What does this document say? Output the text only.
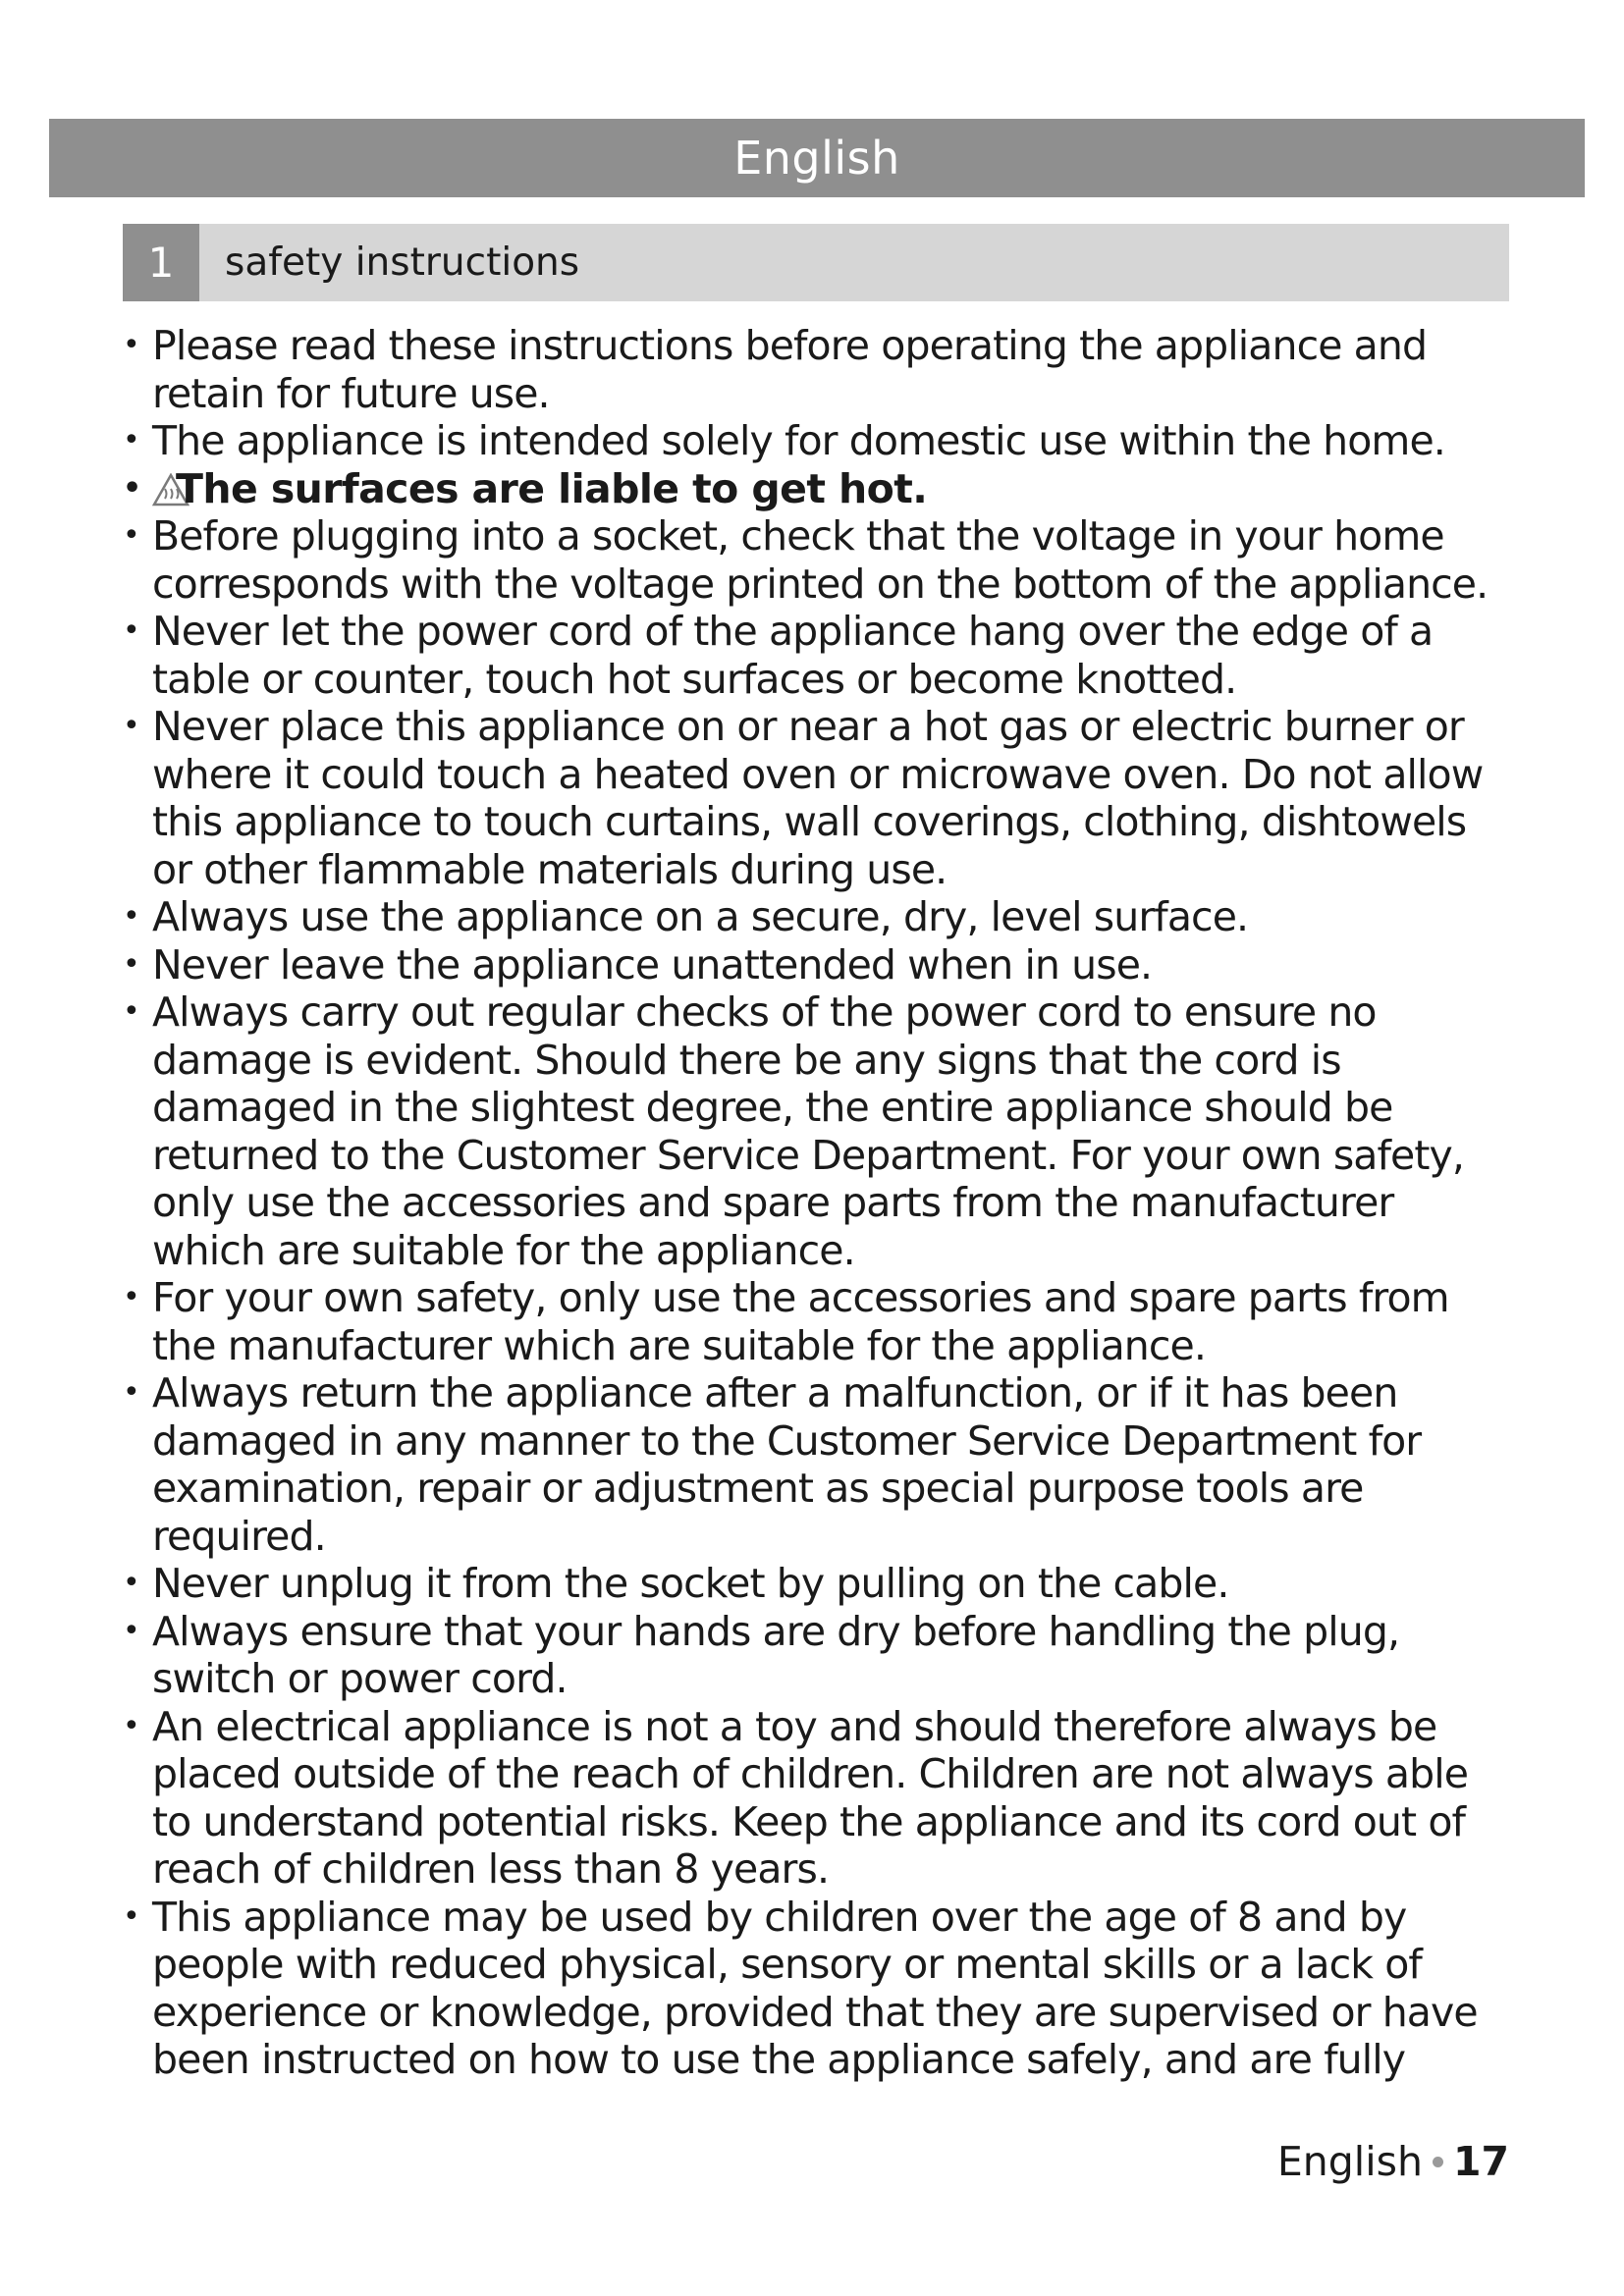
English
1	safety instructions
• Please read these instructions before operating the appliance and retain for future use.
• The appliance is intended solely for domestic use within the home.
• The surfaces are liable to get hot.
• Before plugging into a socket, check that the voltage in your home corresponds with the voltage printed on the bottom of the appliance.
• Never let the power cord of the appliance hang over the edge of a table or counter, touch hot surfaces or become knotted.
• Never place this appliance on or near a hot gas or electric burner or where it could touch a heated oven or microwave oven. Do not allow this appliance to touch curtains, wall coverings, clothing, dishtowels or other flammable materials during use.
• Always use the appliance on a secure, dry, level surface.
• Never leave the appliance unattended when in use.
• Always carry out regular checks of the power cord to ensure no damage is evident. Should there be any signs that the cord is damaged in the slightest degree, the entire appliance should be returned to the Customer Service Department. For your own safety, only use the accessories and spare parts from the manufacturer which are suitable for the appliance.
• For your own safety, only use the accessories and spare parts from the manufacturer which are suitable for the appliance.
• Always return the appliance after a malfunction, or if it has been damaged in any manner to the Customer Service Department for examination, repair or adjustment as special purpose tools are required.
• Never unplug it from the socket by pulling on the cable.
• Always ensure that your hands are dry before handling the plug, switch or power cord.
• An electrical appliance is not a toy and should therefore always be placed outside of the reach of children. Children are not always able to understand potential risks. Keep the appliance and its cord out of reach of children less than 8 years.
• This appliance may be used by children over the age of 8 and by people with reduced physical, sensory or mental skills or a lack of experience or knowledge, provided that they are supervised or have been instructed on how to use the appliance safely, and are fully
English 17
